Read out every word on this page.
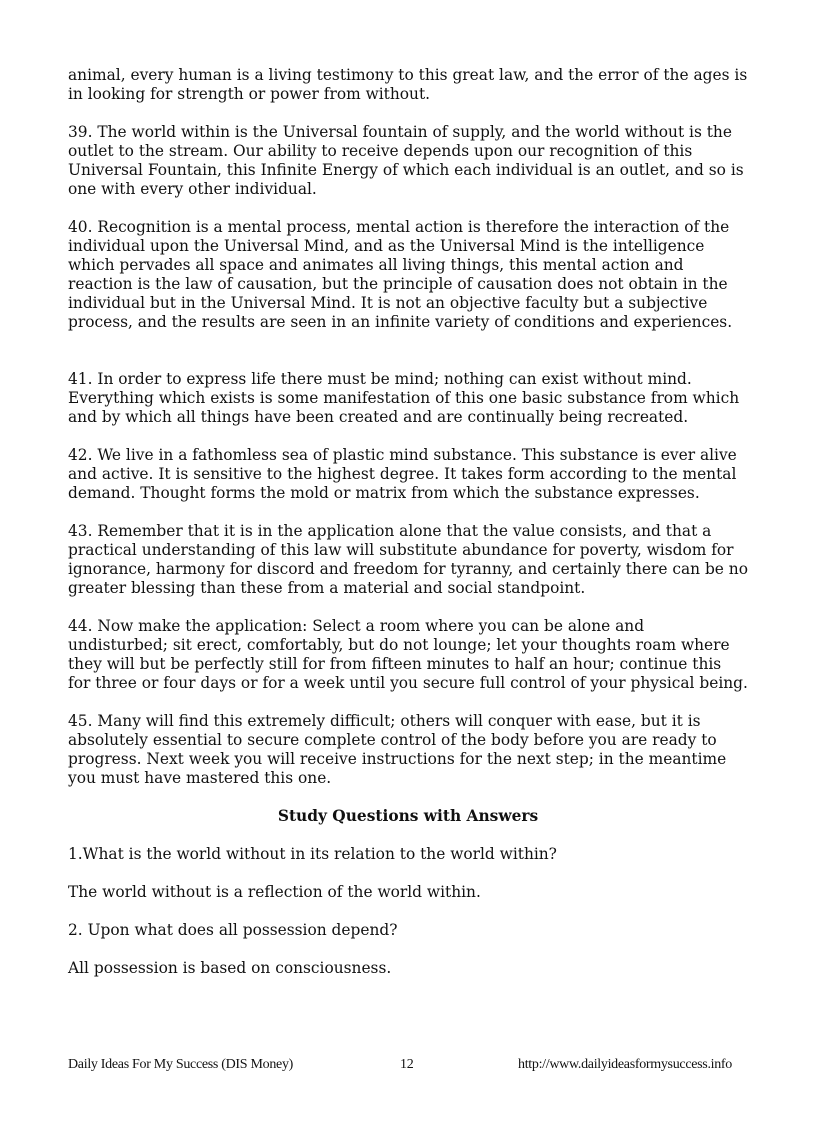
animal, every human is a living testimony to this great law, and the error of the ages is in looking for strength or power from without.

39. The world within is the Universal fountain of supply, and the world without is the outlet to the stream. Our ability to receive depends upon our recognition of this Universal Fountain, this Infinite Energy of which each individual is an outlet, and so is one with every other individual.

40. Recognition is a mental process, mental action is therefore the interaction of the individual upon the Universal Mind, and as the Universal Mind is the intelligence which pervades all space and animates all living things, this mental action and reaction is the law of causation, but the principle of causation does not obtain in the individual but in the Universal Mind. It is not an objective faculty but a subjective process, and the results are seen in an infinite variety of conditions and experiences.

41. In order to express life there must be mind; nothing can exist without mind. Everything which exists is some manifestation of this one basic substance from which and by which all things have been created and are continually being recreated.

42. We live in a fathomless sea of plastic mind substance. This substance is ever alive and active. It is sensitive to the highest degree. It takes form according to the mental demand. Thought forms the mold or matrix from which the substance expresses.

43. Remember that it is in the application alone that the value consists, and that a practical understanding of this law will substitute abundance for poverty, wisdom for ignorance, harmony for discord and freedom for tyranny, and certainly there can be no greater blessing than these from a material and social standpoint.

44. Now make the application: Select a room where you can be alone and undisturbed; sit erect, comfortably, but do not lounge; let your thoughts roam where they will but be perfectly still for from fifteen minutes to half an hour; continue this for three or four days or for a week until you secure full control of your physical being.

45. Many will find this extremely difficult; others will conquer with ease, but it is absolutely essential to secure complete control of the body before you are ready to progress. Next week you will receive instructions for the next step; in the meantime you must have mastered this one.

Study Questions with Answers

1.What is the world without in its relation to the world within?

The world without is a reflection of the world within.

2. Upon what does all possession depend?

All possession is based on consciousness.

Daily Ideas For My Success (DIS Money)	12	http://www.dailyideasformysuccess.info
